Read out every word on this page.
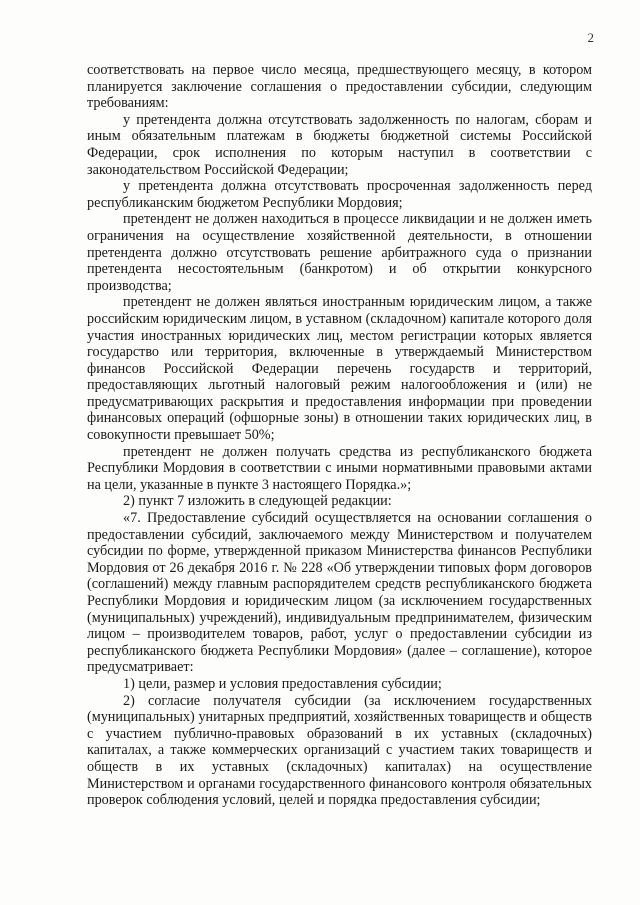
2

соответствовать на первое число месяца, предшествующего месяцу, в котором планируется заключение соглашения о предоставлении субсидии, следующим требованиям:

у претендента должна отсутствовать задолженность по налогам, сборам и иным обязательным платежам в бюджеты бюджетной системы Российской Федерации, срок исполнения по которым наступил в соответствии с законодательством Российской Федерации;

у претендента должна отсутствовать просроченная задолженность перед республиканским бюджетом Республики Мордовия;

претендент не должен находиться в процессе ликвидации и не должен иметь ограничения на осуществление хозяйственной деятельности, в отношении претендента должно отсутствовать решение арбитражного суда о признании претендента несостоятельным (банкротом) и об открытии конкурсного производства;

претендент не должен являться иностранным юридическим лицом, а также российским юридическим лицом, в уставном (складочном) капитале которого доля участия иностранных юридических лиц, местом регистрации которых является государство или территория, включенные в утверждаемый Министерством финансов Российской Федерации перечень государств и территорий, предоставляющих льготный налоговый режим налогообложения и (или) не предусматривающих раскрытия и предоставления информации при проведении финансовых операций (офшорные зоны) в отношении таких юридических лиц, в совокупности превышает 50%;

претендент не должен получать средства из республиканского бюджета Республики Мордовия в соответствии с иными нормативными правовыми актами на цели, указанные в пункте 3 настоящего Порядка.»;

2) пункт 7 изложить в следующей редакции:

«7. Предоставление субсидий осуществляется на основании соглашения о предоставлении субсидий, заключаемого между Министерством и получателем субсидии по форме, утвержденной приказом Министерства финансов Республики Мордовия от 26 декабря 2016 г. № 228 «Об утверждении типовых форм договоров (соглашений) между главным распорядителем средств республиканского бюджета Республики Мордовия и юридическим лицом (за исключением государственных (муниципальных) учреждений), индивидуальным предпринимателем, физическим лицом – производителем товаров, работ, услуг о предоставлении субсидии из республиканского бюджета Республики Мордовия» (далее – соглашение), которое предусматривает:

1) цели, размер и условия предоставления субсидии;

2) согласие получателя субсидии (за исключением государственных (муниципальных) унитарных предприятий, хозяйственных товариществ и обществ с участием публично-правовых образований в их уставных (складочных) капиталах, а также коммерческих организаций с участием таких товариществ и обществ в их уставных (складочных) капиталах) на осуществление Министерством и органами государственного финансового контроля обязательных проверок соблюдения условий, целей и порядка предоставления субсидии;
